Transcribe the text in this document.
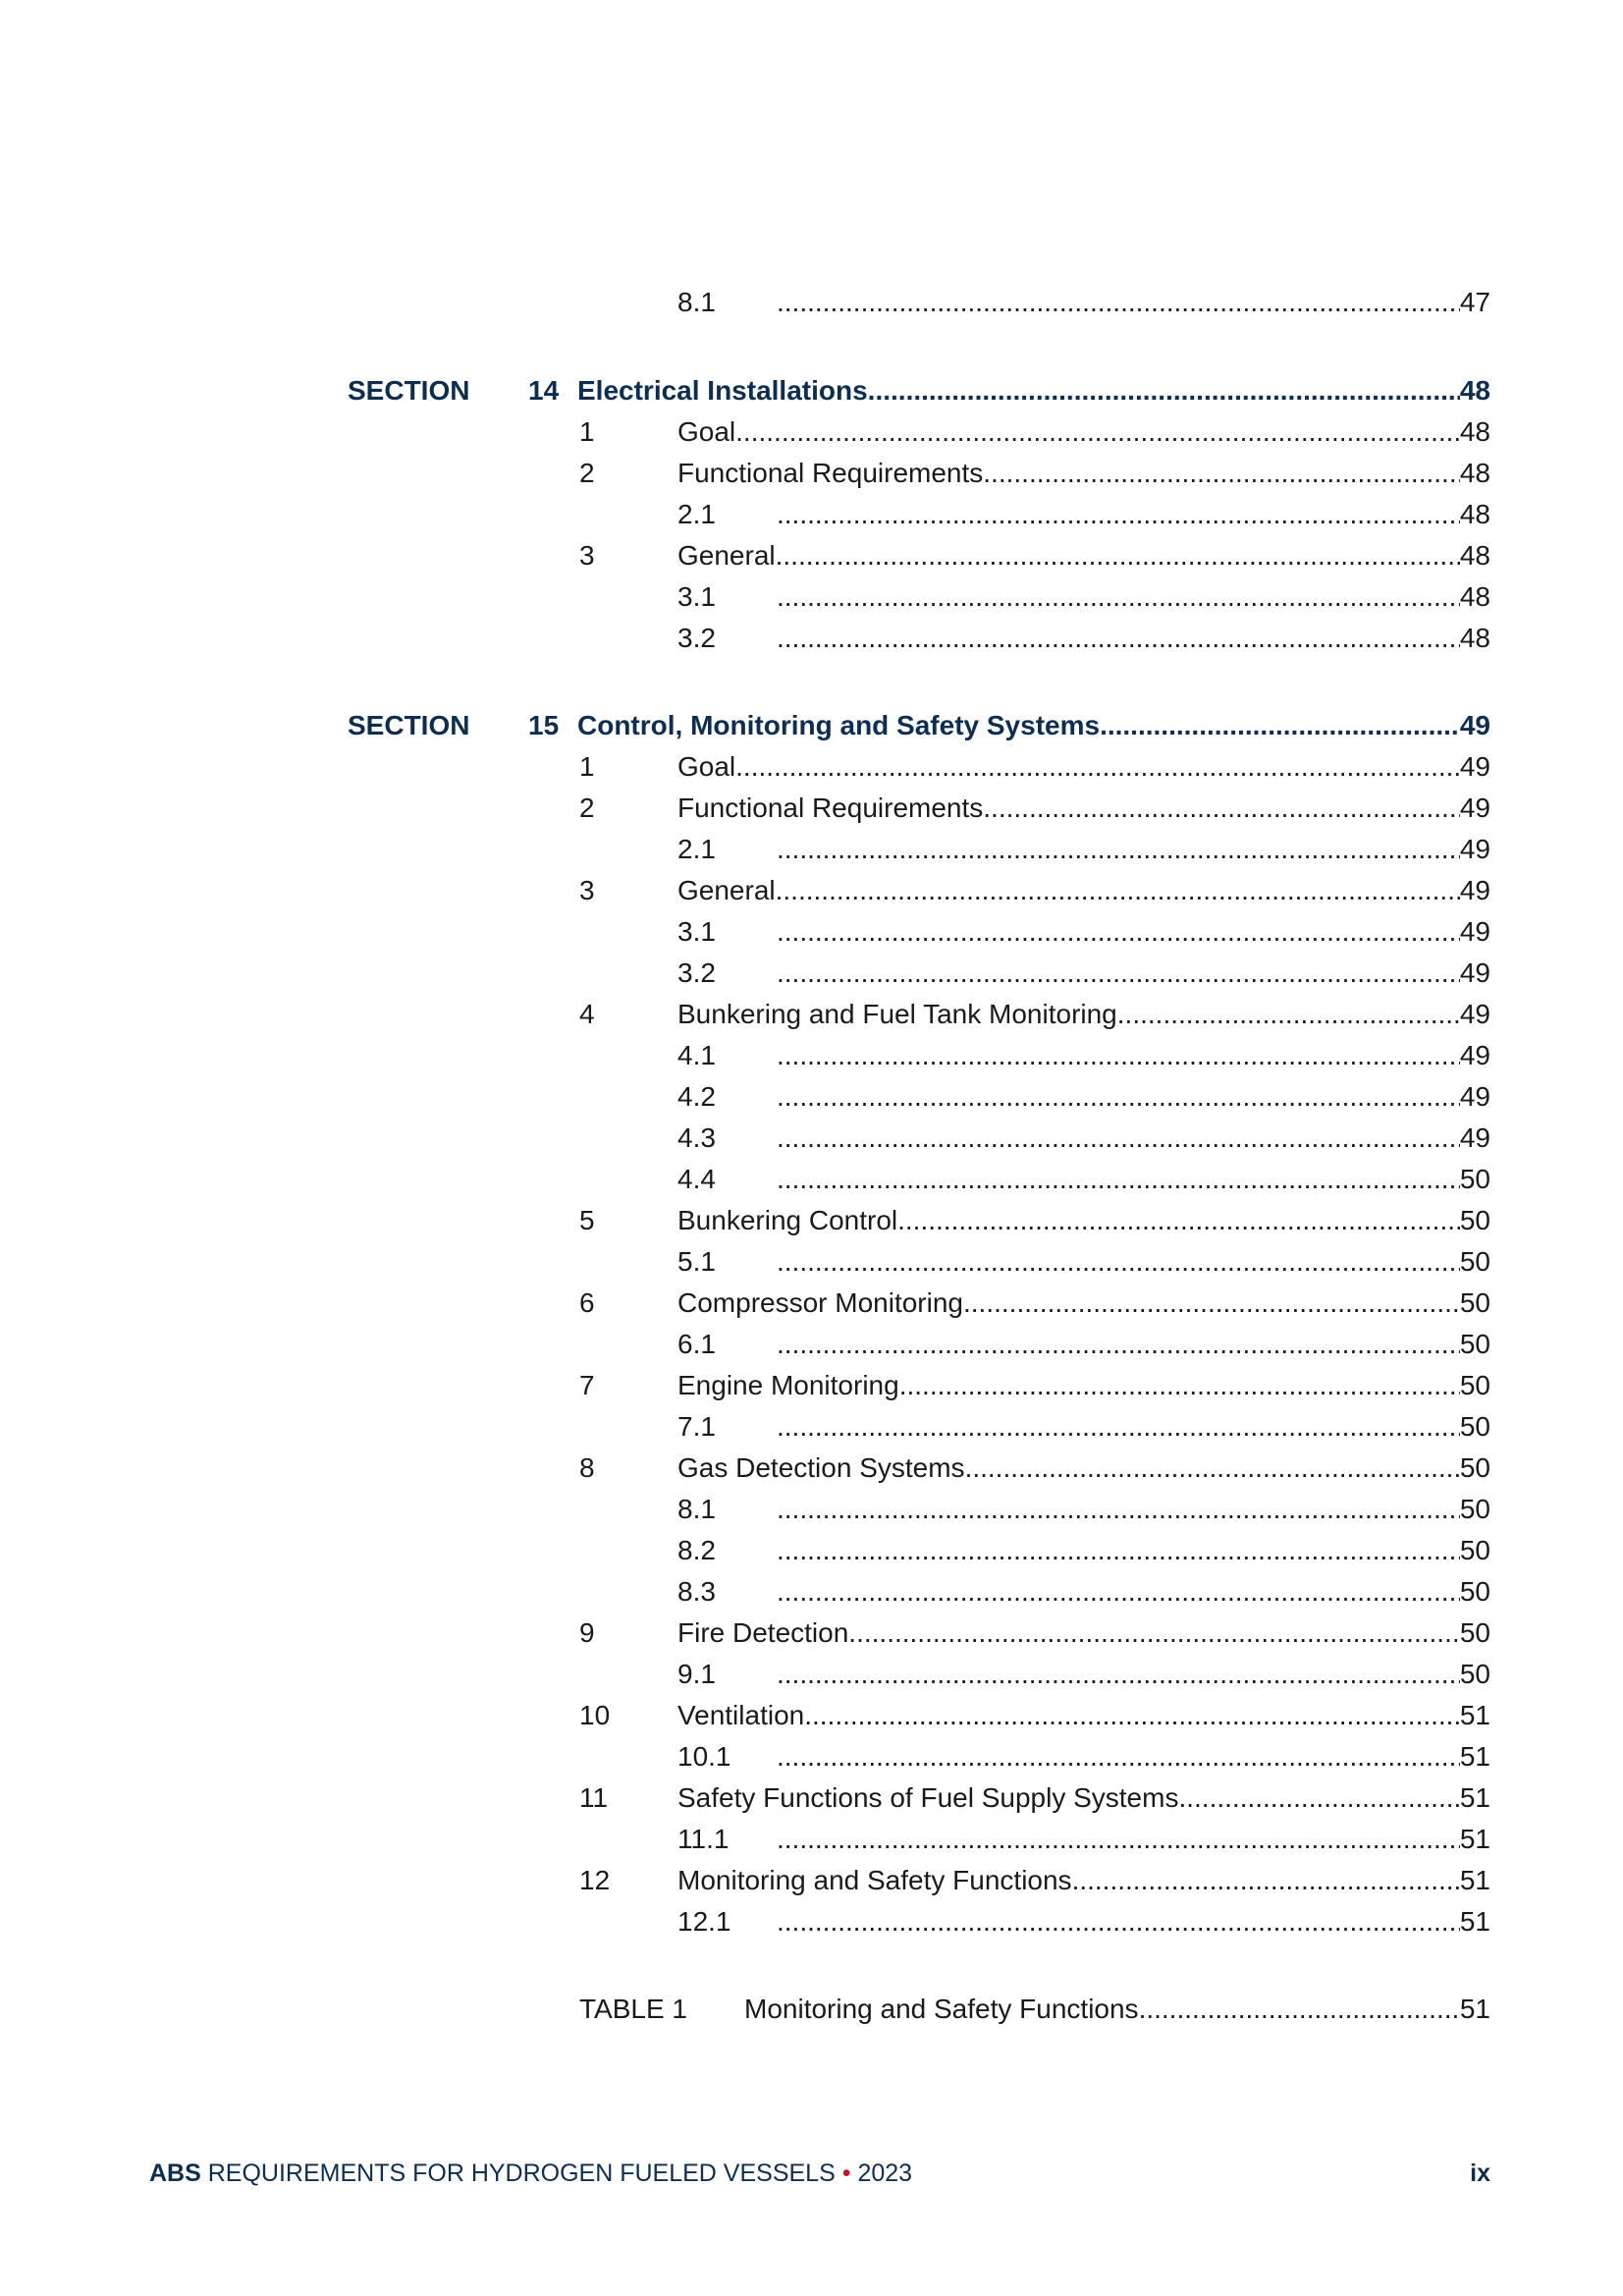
8.1 .....	47
SECTION 14 Electrical Installations .....	48
1	Goal .....	48
2	Functional Requirements .....	48
2.1 .....	48
3	General .....	48
3.1 .....	48
3.2 .....	48
SECTION 15 Control, Monitoring and Safety Systems .....	49
1	Goal .....	49
2	Functional Requirements .....	49
2.1 .....	49
3	General .....	49
3.1 .....	49
3.2 .....	49
4	Bunkering and Fuel Tank Monitoring .....	49
4.1 .....	49
4.2 .....	49
4.3 .....	49
4.4 .....	50
5	Bunkering Control .....	50
5.1 .....	50
6	Compressor Monitoring .....	50
6.1 .....	50
7	Engine Monitoring .....	50
7.1 .....	50
8	Gas Detection Systems .....	50
8.1 .....	50
8.2 .....	50
8.3 .....	50
9	Fire Detection .....	50
9.1 .....	50
10 Ventilation .....	51
10.1 .....	51
11	Safety Functions of Fuel Supply Systems .....	51
11.1 .....	51
12 Monitoring and Safety Functions .....	51
12.1 .....	51
TABLE 1 Monitoring and Safety Functions .....	51
ABS REQUIREMENTS FOR HYDROGEN FUELED VESSELS • 2023	ix
